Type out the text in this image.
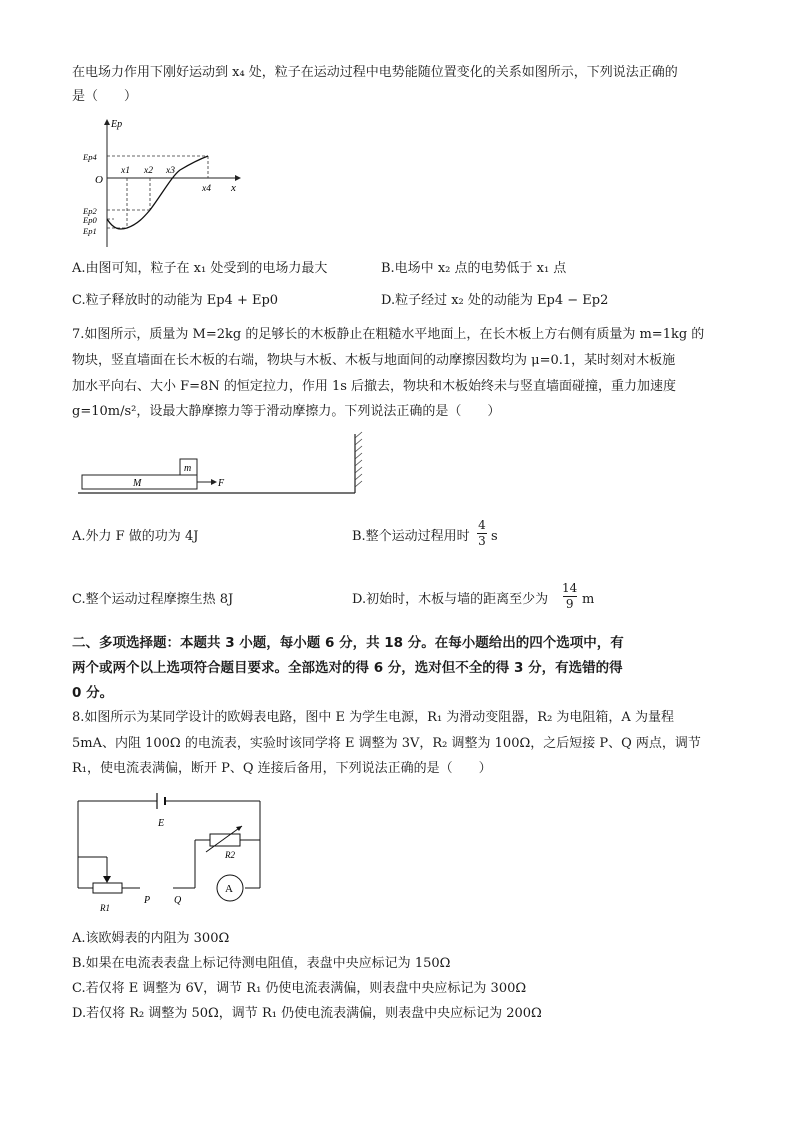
在电场力作用下刚好运动到 x₄ 处，粒子在运动过程中电势能随位置变化的关系如图所示，下列说法正确的
是（　　）
Ep
x
O
Ep4
Ep2
Ep0
Ep1
x1 x2 x3
x4
A.由图可知，粒子在 x₁ 处受到的电场力最大	B.电场中 x₂ 点的电势低于 x₁ 点
C.粒子释放时的动能为 Ep4 + Ep0	D.粒子经过 x₂ 处的动能为 Ep4 − Ep2
7.如图所示，质量为 M=2kg 的足够长的木板静止在粗糙水平地面上，在长木板上方右侧有质量为 m=1kg 的
物块，竖直墙面在长木板的右端，物块与木板、木板与地面间的动摩擦因数均为 μ=0.1，某时刻对木板施
加水平向右、大小 F=8N 的恒定拉力，作用 1s 后撤去，物块和木板始终未与竖直墙面碰撞，重力加速度
g=10m/s²，设最大静摩擦力等于滑动摩擦力。下列说法正确的是（　　）
m
M	F
A.外力 F 做的功为 4J	B.整个运动过程用时
4
3 s
C.整个运动过程摩擦生热 8J	D.初始时，木板与墙的距离至少为
14
9 m
二、多项选择题：本题共 3 小题，每小题 6 分，共 18 分。在每小题给出的四个选项中，有
两个或两个以上选项符合题目要求。全部选对的得 6 分，选对但不全的得 3 分，有选错的得
0 分。
8.如图所示为某同学设计的欧姆表电路，图中 E 为学生电源，R₁ 为滑动变阻器，R₂ 为电阻箱，A 为量程
5mA、内阻 100Ω 的电流表，实验时该同学将 E 调整为 3V，R₂ 调整为 100Ω，之后短接 P、Q 两点，调节
R₁，使电流表满偏，断开 P、Q 连接后备用，下列说法正确的是（　　）
A
E
R1
R2
P Q
A.该欧姆表的内阻为 300Ω
B.如果在电流表表盘上标记待测电阻值，表盘中央应标记为 150Ω
C.若仅将 E 调整为 6V，调节 R₁ 仍使电流表满偏，则表盘中央应标记为 300Ω
D.若仅将 R₂ 调整为 50Ω，调节 R₁ 仍使电流表满偏，则表盘中央应标记为 200Ω
